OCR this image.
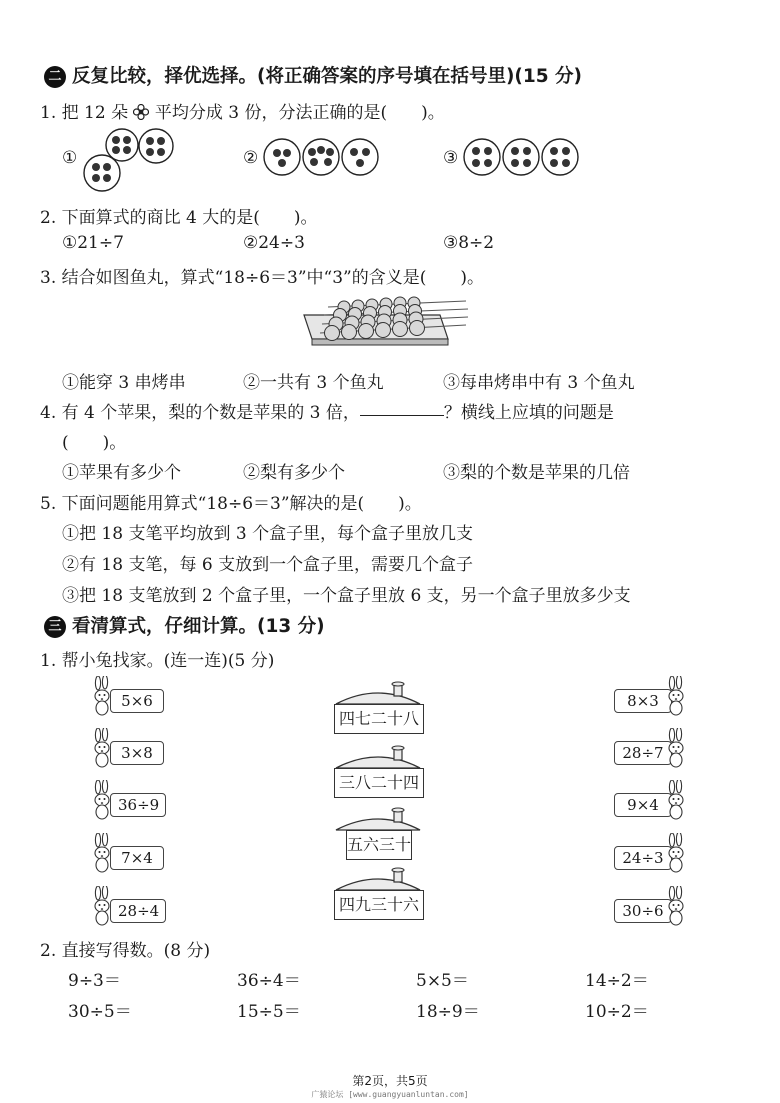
二 反复比较，择优选择。(将正确答案的序号填在括号里)(15 分)
1. 把 12 朵 平均分成 3 份，分法正确的是(　　)。
①	②	③
2. 下面算式的商比 4 大的是(　　)。
①21÷7	②24÷3	③8÷2
3. 结合如图鱼丸，算式“18÷6＝3”中“3”的含义是(　　)。
①能穿 3 串烤串	②一共有 3 个鱼丸	③每串烤串中有 3 个鱼丸
4. 有 4 个苹果，梨的个数是苹果的 3 倍，	？横线上应填的问题是
(　　)。
①苹果有多少个	②梨有多少个	③梨的个数是苹果的几倍
5. 下面问题能用算式“18÷6＝3”解决的是(　　)。
①把 18 支笔平均放到 3 个盒子里，每个盒子里放几支
②有 18 支笔，每 6 支放到一个盒子里，需要几个盒子
③把 18 支笔放到 2 个盒子里，一个盒子里放 6 支，另一个盒子里放多少支
三 看清算式，仔细计算。(13 分)
1. 帮小兔找家。(连一连)(5 分)
5×6
3×8
36÷9
7×4
28÷4
四七二十八
三八二十四
五六三十
四九三十六
8×3
28÷7
9×4
24÷3
30÷6
2. 直接写得数。(8 分)
9÷3＝	36÷4＝	5×5＝	14÷2＝
30÷5＝	15÷5＝	18÷9＝	10÷2＝
第2页，共5页
广猿论坛 [www.guangyuanluntan.com]
